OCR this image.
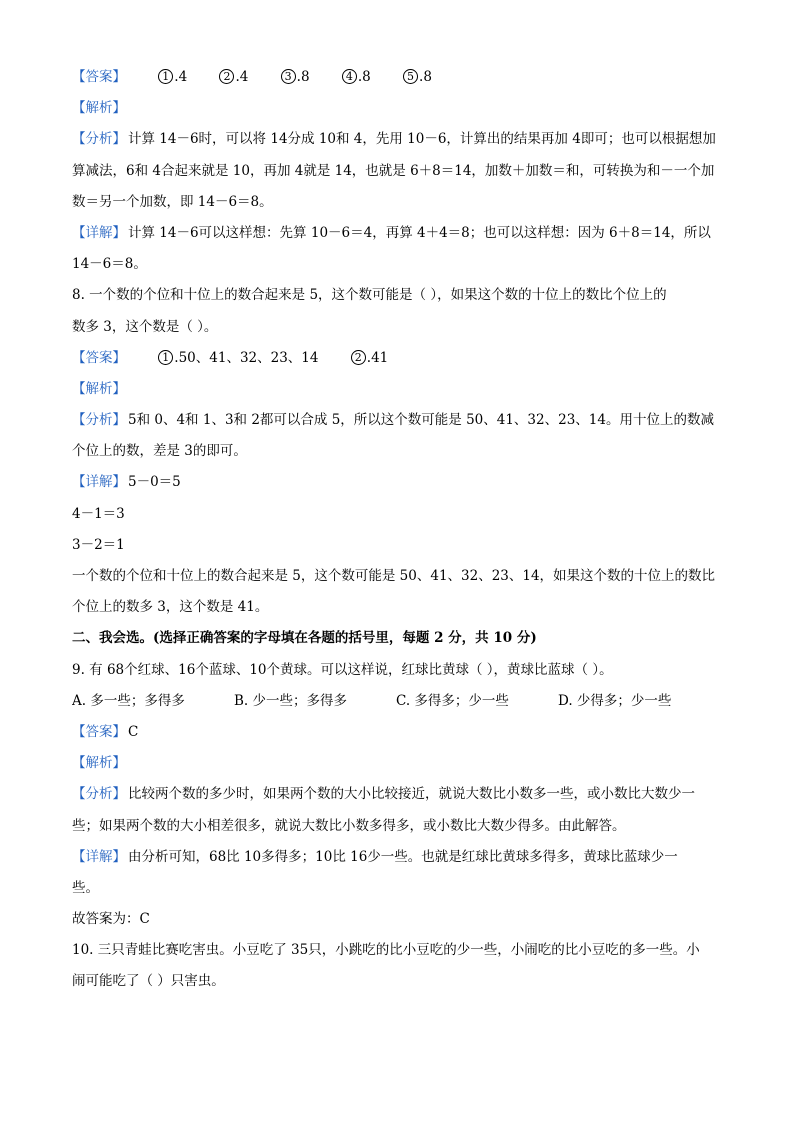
【答案】	1 .4	2 .4	3 .8	4 .8	5 .8
【解析】
【分析】 计算 14－6时，可以将 14分成 10和 4，先用 10－6，计算出的结果再加 4即可；也可以根据想加
算减法，6和 4合起来就是 10，再加 4就是 14，也就是 6＋8＝14，加数＋加数＝和，可转换为和－一个加
数＝另一个加数，即 14－6＝8。
【详解】 计算 14－6可以这样想：先算 10－6＝4，再算 4＋4＝8；也可以这样想：因为 6＋8＝14，所以
14－6＝8。
8. 一个数的个位和十位上的数合起来是 5，这个数可能是（ ），如果这个数的十位上的数比个位上的
数多 3，这个数是（ ）。
【答案】	1 .50、41、32、23、14	2 .41
【解析】
【分析】 5和 0、4和 1、3和 2都可以合成 5，所以这个数可能是 50、41、32、23、14。用十位上的数减
个位上的数，差是 3的即可。
【详解】 5－0＝5
4－1＝3
3－2＝1
一个数的个位和十位上的数合起来是 5，这个数可能是 50、41、32、23、14，如果这个数的十位上的数比
个位上的数多 3，这个数是 41。
二、我会选。(选择正确答案的字母填在各题的括号里，每题 2 分，共 10 分)
9. 有 68个红球、16个蓝球、10个黄球。可以这样说，红球比黄球（ ），黄球比蓝球（ ）。
A. 多一些；多得多	B. 少一些；多得多	C. 多得多；少一些	D. 少得多；少一些
【答案】 C
【解析】
【分析】 比较两个数的多少时，如果两个数的大小比较接近，就说大数比小数多一些，或小数比大数少一
些；如果两个数的大小相差很多，就说大数比小数多得多，或小数比大数少得多。由此解答。
【详解】 由分析可知，68比 10多得多；10比 16少一些。也就是红球比黄球多得多，黄球比蓝球少一
些。
故答案为：C
10. 三只青蛙比赛吃害虫。小豆吃了 35只，小跳吃的比小豆吃的少一些，小闹吃的比小豆吃的多一些。小
闹可能吃了（ ）只害虫。
